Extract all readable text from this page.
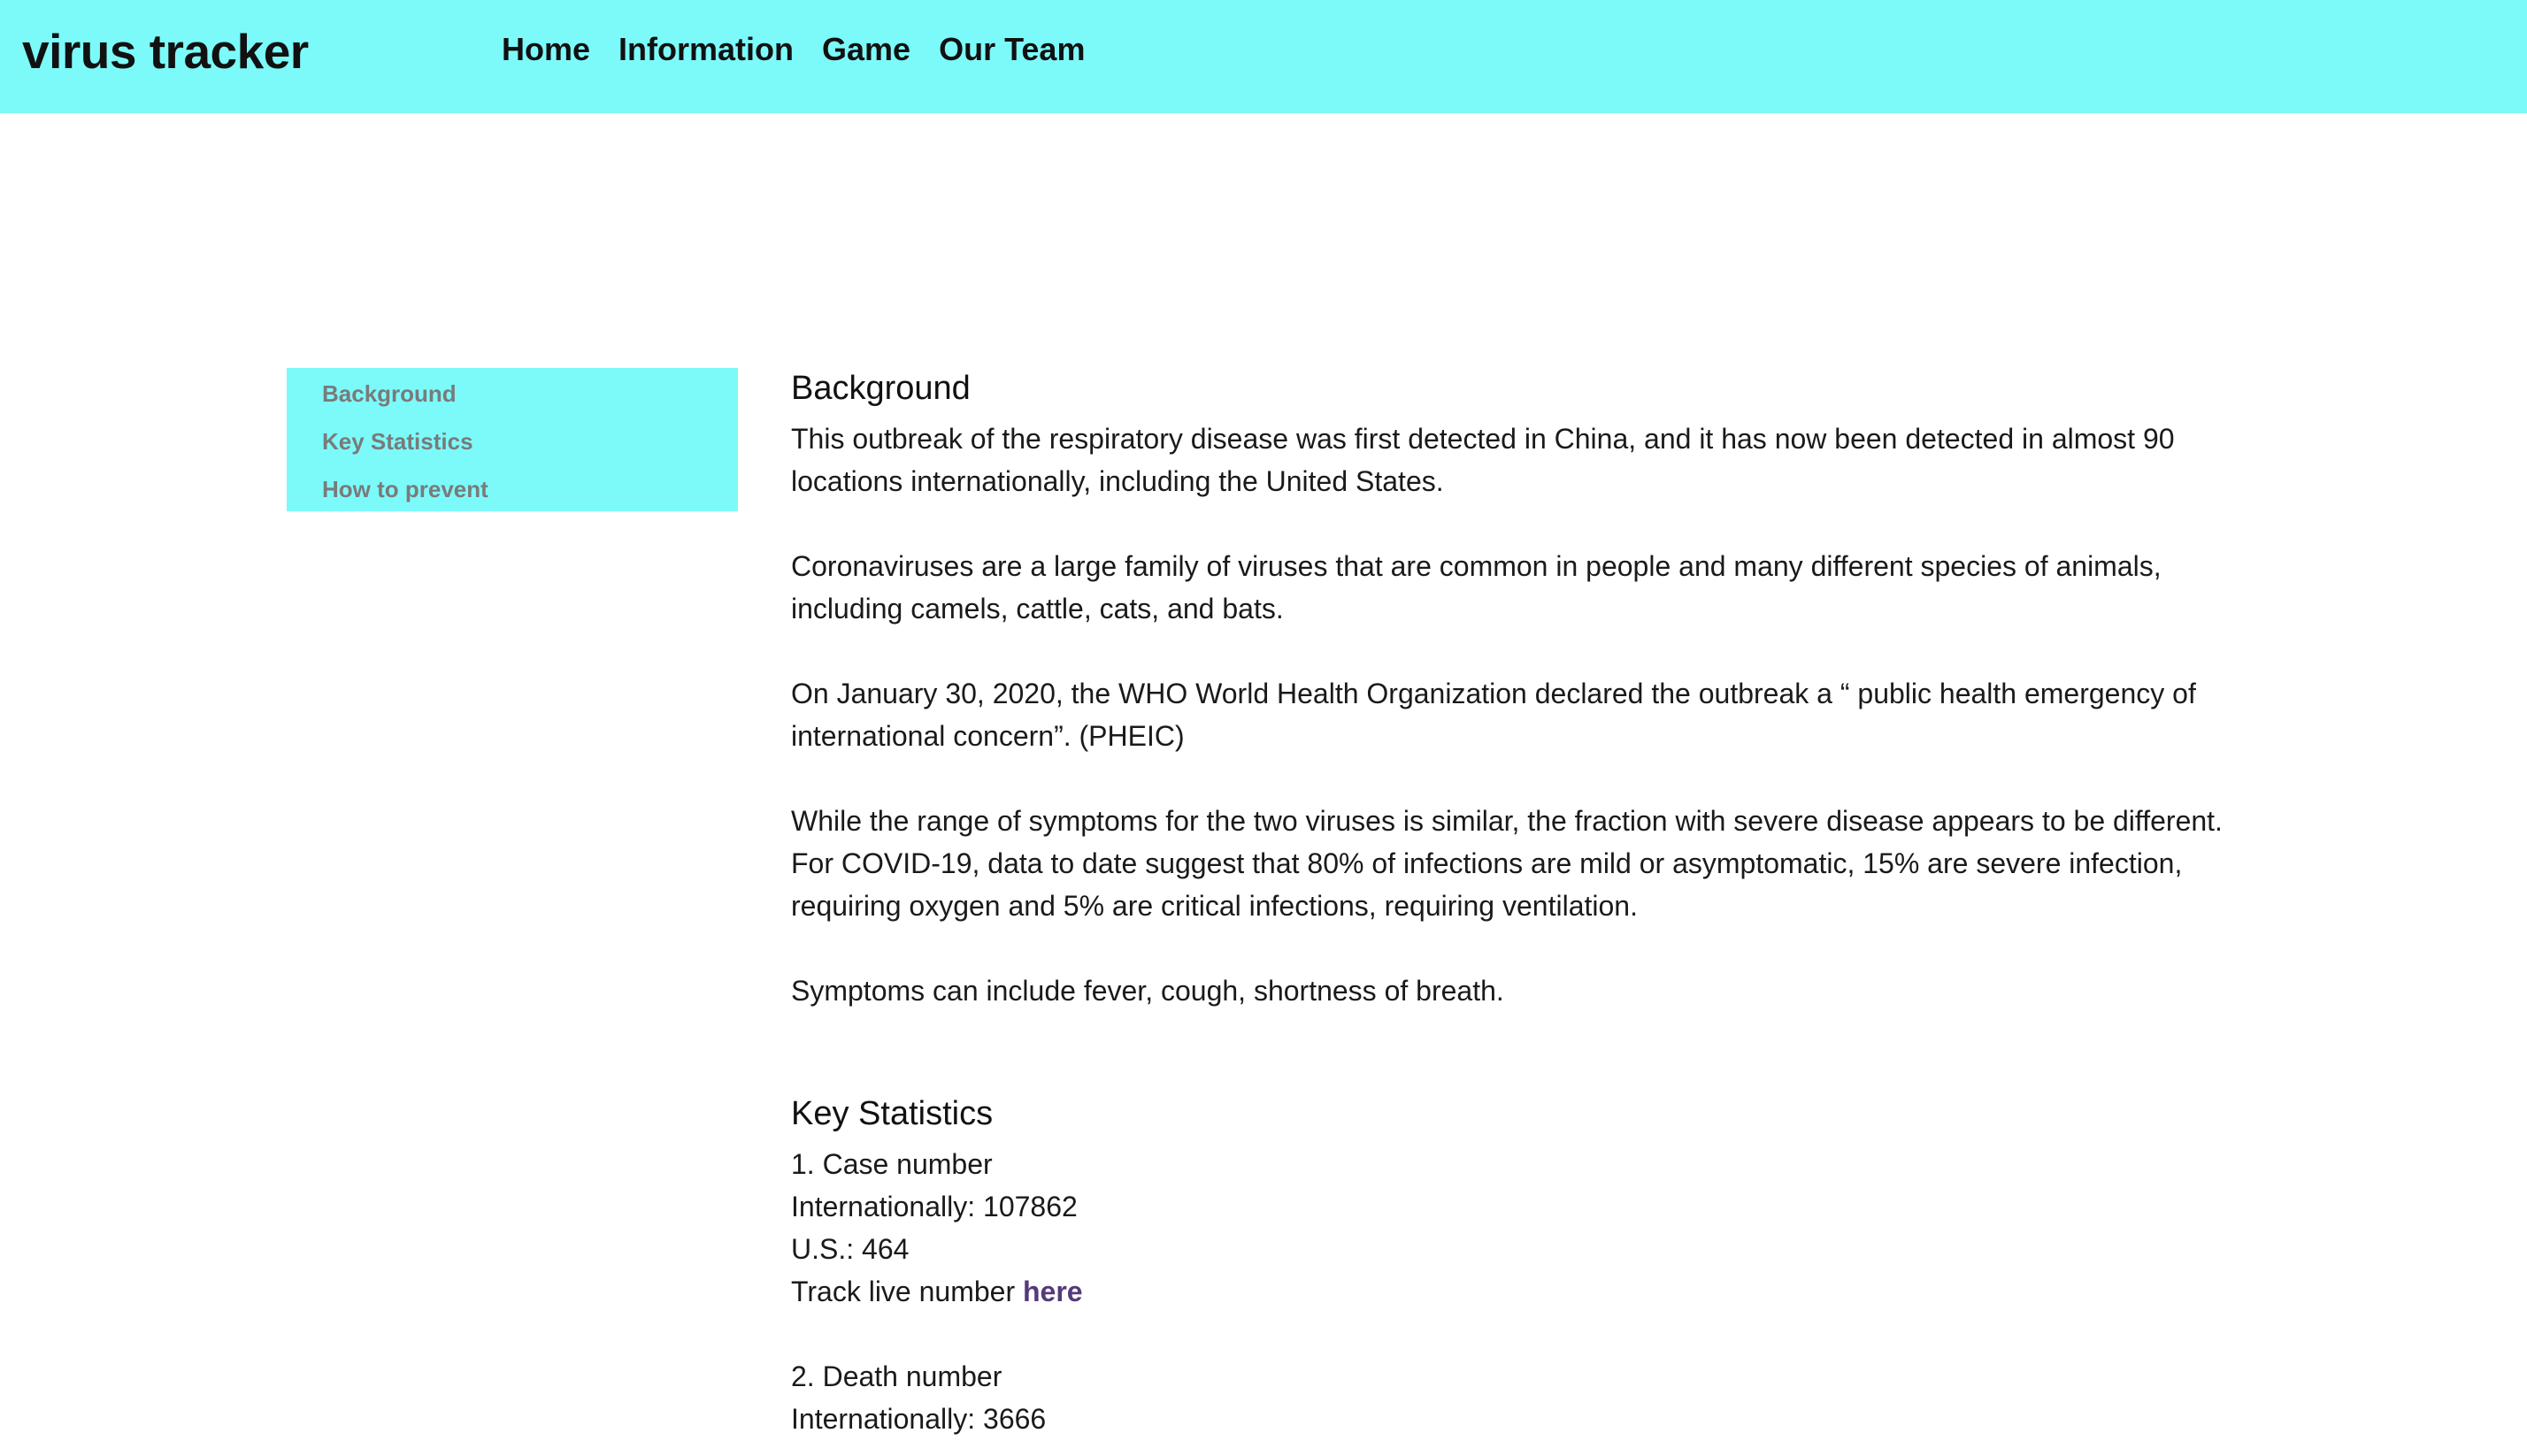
virus tracker	Home Information Game Our Team
Background
Key Statistics
How to prevent
Background

This outbreak of the respiratory disease was first detected in China, and it has now been detected in almost 90 locations internationally, including the United States.

Coronaviruses are a large family of viruses that are common in people and many different species of animals, including camels, cattle, cats, and bats.

On January 30, 2020, the WHO World Health Organization declared the outbreak a “ public health emergency of international concern”. (PHEIC)

While the range of symptoms for the two viruses is similar, the fraction with severe disease appears to be different. For COVID-19, data to date suggest that 80% of infections are mild or asymptomatic, 15% are severe infection, requiring oxygen and 5% are critical infections, requiring ventilation.

Symptoms can include fever, cough, shortness of breath.

Key Statistics
1. Case number
Internationally: 107862
U.S.: 464
Track live number here
2. Death number
Internationally: 3666
